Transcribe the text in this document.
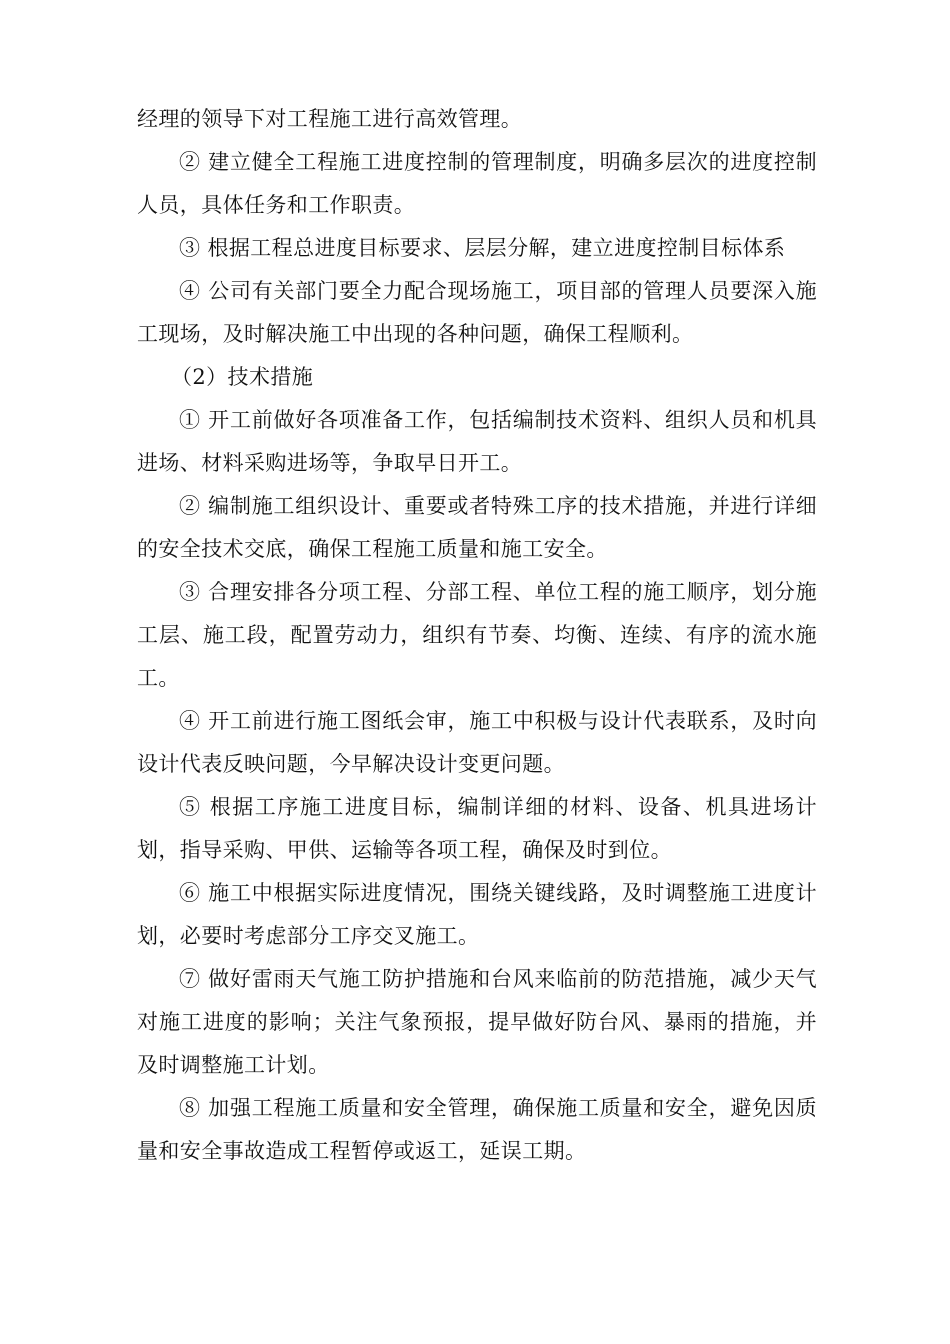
经理的领导下对工程施工进行高效管理。

② 建立健全工程施工进度控制的管理制度，明确多层次的进度控制人员，具体任务和工作职责。

③ 根据工程总进度目标要求、层层分解，建立进度控制目标体系

④ 公司有关部门要全力配合现场施工，项目部的管理人员要深入施工现场，及时解决施工中出现的各种问题，确保工程顺利。

（2）技术措施

① 开工前做好各项准备工作，包括编制技术资料、组织人员和机具进场、材料采购进场等，争取早日开工。

② 编制施工组织设计、重要或者特殊工序的技术措施，并进行详细的安全技术交底，确保工程施工质量和施工安全。

③ 合理安排各分项工程、分部工程、单位工程的施工顺序，划分施工层、施工段，配置劳动力，组织有节奏、均衡、连续、有序的流水施工。

④ 开工前进行施工图纸会审，施工中积极与设计代表联系，及时向设计代表反映问题，今早解决设计变更问题。

⑤ 根据工序施工进度目标，编制详细的材料、设备、机具进场计划，指导采购、甲供、运输等各项工程，确保及时到位。

⑥ 施工中根据实际进度情况，围绕关键线路，及时调整施工进度计划，必要时考虑部分工序交叉施工。

⑦ 做好雷雨天气施工防护措施和台风来临前的防范措施，减少天气对施工进度的影响；关注气象预报，提早做好防台风、暴雨的措施，并及时调整施工计划。

⑧ 加强工程施工质量和安全管理，确保施工质量和安全，避免因质量和安全事故造成工程暂停或返工，延误工期。
